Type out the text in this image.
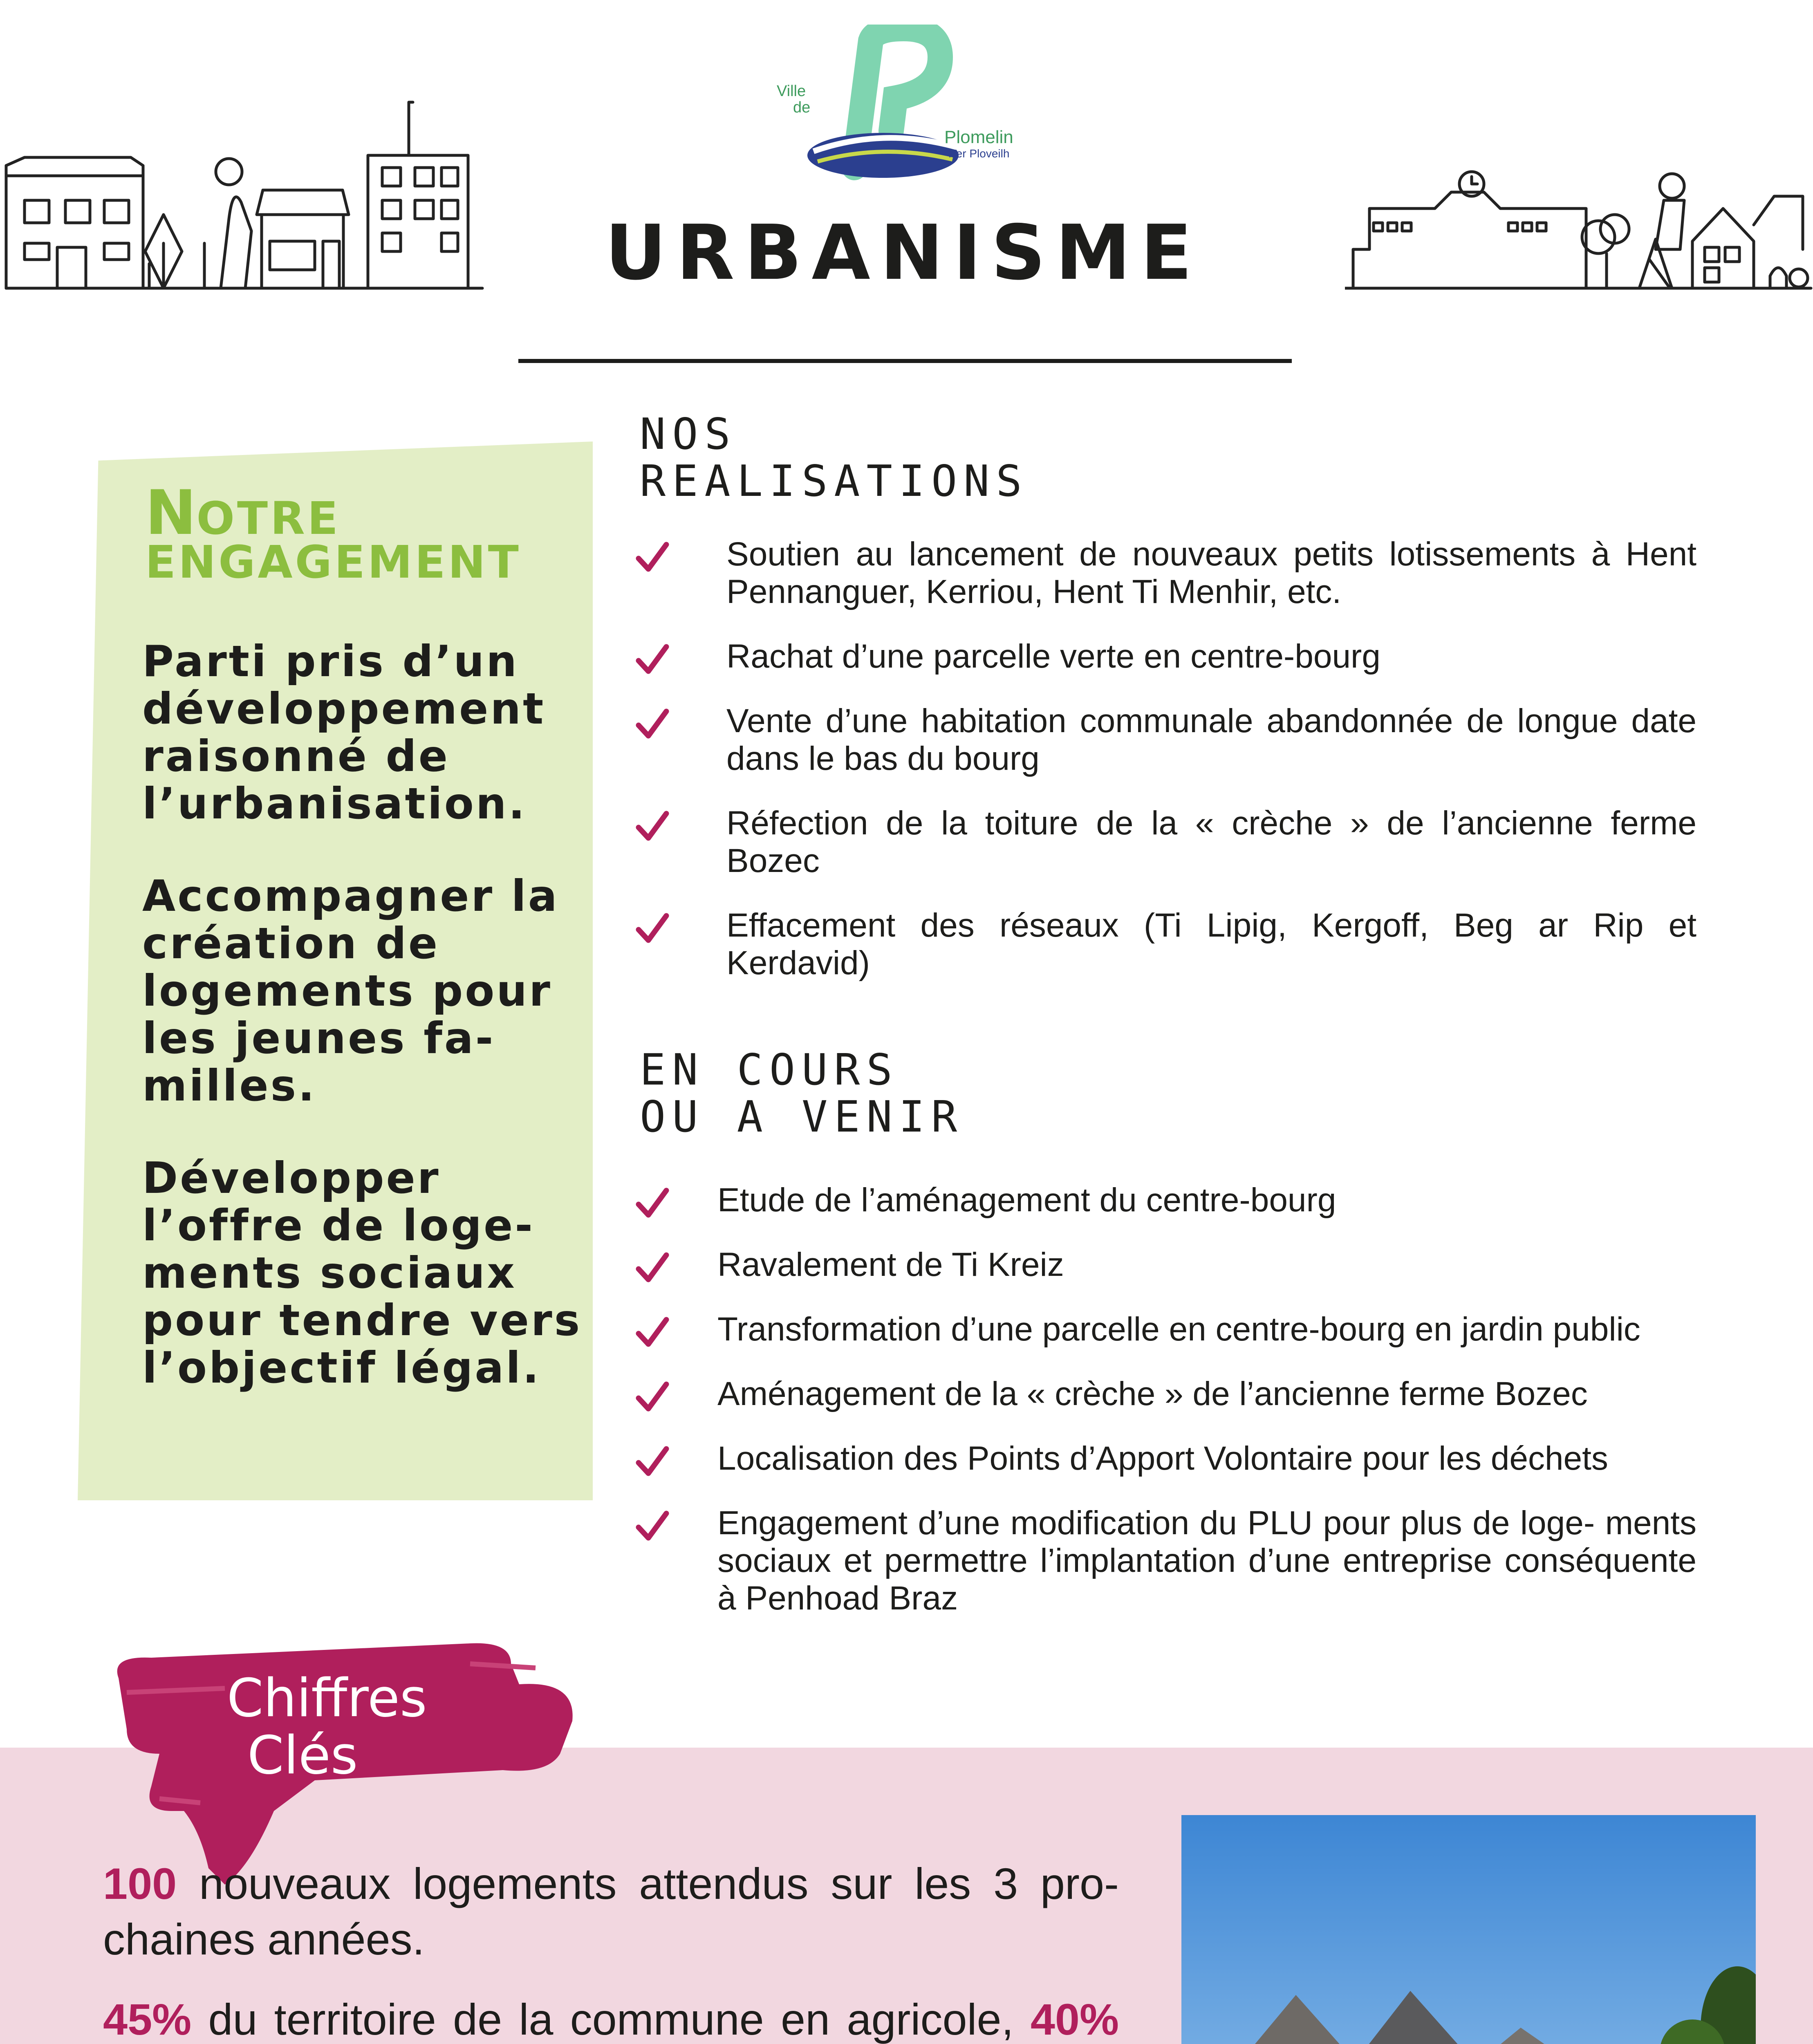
Ville
de
Plomelin
Ker Ploveilh
URBANISME
NOTRE
ENGAGEMENT

Parti pris d’un développement raisonné de l’urbanisation.

Accompagner la création de logements pour les jeunes fa- milles.

Développer l’offre de loge- ments sociaux pour tendre vers l’objectif légal.

NOS
REALISATIONS
Soutien au lancement de nouveaux petits lotissements à Hent Pennanguer, Kerriou, Hent Ti Menhir, etc.
Rachat d’une parcelle verte en centre-bourg
Vente d’une habitation communale abandonnée de longue date dans le bas du bourg
Réfection de la toiture de la « crèche » de l’ancienne ferme Bozec
Effacement des réseaux (Ti Lipig, Kergoff, Beg ar Rip et Kerdavid)
EN COURS
OU A VENIR
Etude de l’aménagement du centre-bourg
Ravalement de Ti Kreiz
Transformation d’une parcelle en centre-bourg en jardin public
Aménagement de la « crèche » de l’ancienne ferme Bozec
Localisation des Points d’Apport Volontaire pour les déchets
Engagement d’une modification du PLU pour plus de loge- ments sociaux et permettre l’implantation d’une entreprise conséquente à Penhoad Braz
Chiffres
Clés

100 nouveaux logements attendus sur les 3 pro- chaines années.

45% du territoire de la commune en agricole, 40%
